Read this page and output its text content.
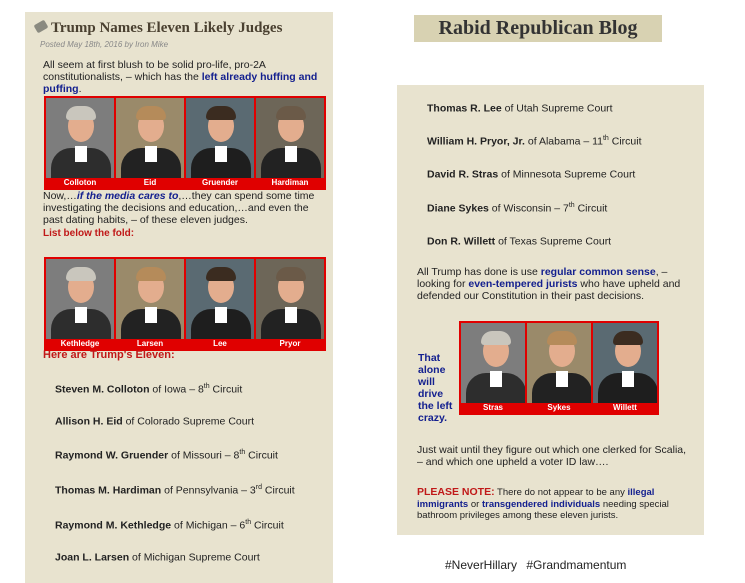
Trump Names Eleven Likely Judges
Posted May 18th, 2016 by Iron Mike
All seem at first blush to be solid pro-life, pro-2A constitutionalists, – which has the left already huffing and puffing.
Colloton	Eid	Gruender	Hardiman
Now,…if the media cares to,…they can spend some time investigating the decisions and education,…and even the past dating habits, – of these eleven judges.
List below the fold:
Kethledge	Larsen	Lee	Pryor
Here are Trump's Eleven:
Steven M. Colloton of Iowa – 8th Circuit
Allison H. Eid of Colorado Supreme Court
Raymond W. Gruender of Missouri – 8th Circuit
Thomas M. Hardiman of Pennsylvania – 3rd Circuit
Raymond M. Kethledge of Michigan – 6th Circuit
Joan L. Larsen of Michigan Supreme Court
Rabid Republican Blog
Thomas R. Lee of Utah Supreme Court
William H. Pryor, Jr. of Alabama – 11th Circuit
David R. Stras of Minnesota Supreme Court
Diane Sykes of Wisconsin – 7th Circuit
Don R. Willett of Texas Supreme Court
All Trump has done is use regular common sense, – looking for even-tempered jurists who have upheld and defended our Constitution in their past decisions.
Stras	Sykes	Willett
Just wait until they figure out which one clerked for Scalia, – and which one upheld a voter ID law….
PLEASE NOTE: There do not appear to be any illegal immigrants or transgendered individuals needing special bathroom privileges among these eleven jurists.
That alone will drive the left crazy.
#NeverHillary #Grandmamentum
